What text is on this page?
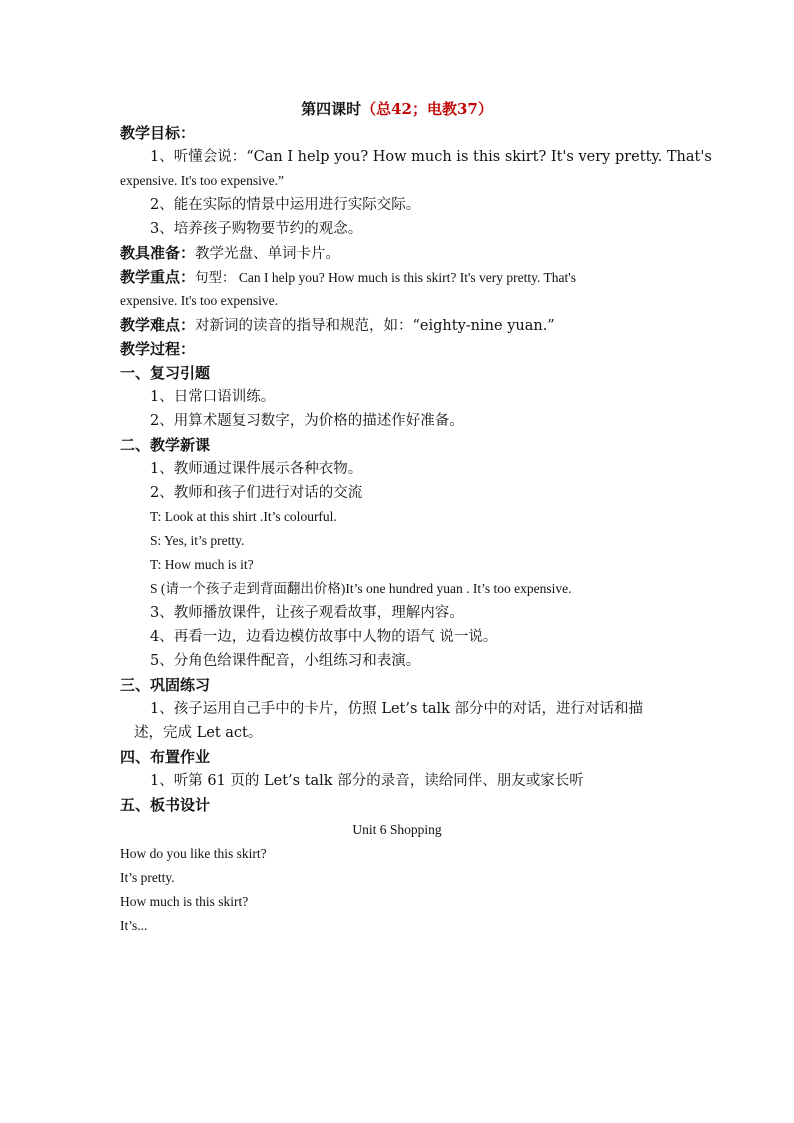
第四课时（总42；电教37）
教学目标：
1、听懂会说：“Can I help you? How much is this skirt? It's very pretty. That's
expensive. It's too expensive.”
2、能在实际的情景中运用进行实际交际。
3、培养孩子购物要节约的观念。
教具准备：教学光盘、单词卡片。
教学重点：句型： Can I help you? How much is this skirt? It's very pretty. That's
expensive. It's too expensive.
教学难点：对新词的读音的指导和规范，如：“eighty-nine yuan.”
教学过程：
一、复习引题
1、日常口语训练。
2、用算术题复习数字，为价格的描述作好准备。
二、教学新课
1、教师通过课件展示各种衣物。
2、教师和孩子们进行对话的交流
T: Look at this shirt .It’s colourful.
S: Yes, it’s pretty.
T: How much is it?
S (请一个孩子走到背面翻出价格)It’s one hundred yuan . It’s too expensive.
3、教师播放课件，让孩子观看故事，理解内容。
4、再看一边，边看边模仿故事中人物的语气 说一说。
5、分角色给课件配音，小组练习和表演。
三、巩固练习
1、孩子运用自己手中的卡片，仿照 Let’s talk 部分中的对话，进行对话和描
述，完成 Let act。
四、布置作业
1、听第 61 页的 Let’s talk 部分的录音，读给同伴、朋友或家长听
五、板书设计
Unit 6 Shopping
How do you like this skirt?
It’s pretty.
How much is this skirt?
It’s...
